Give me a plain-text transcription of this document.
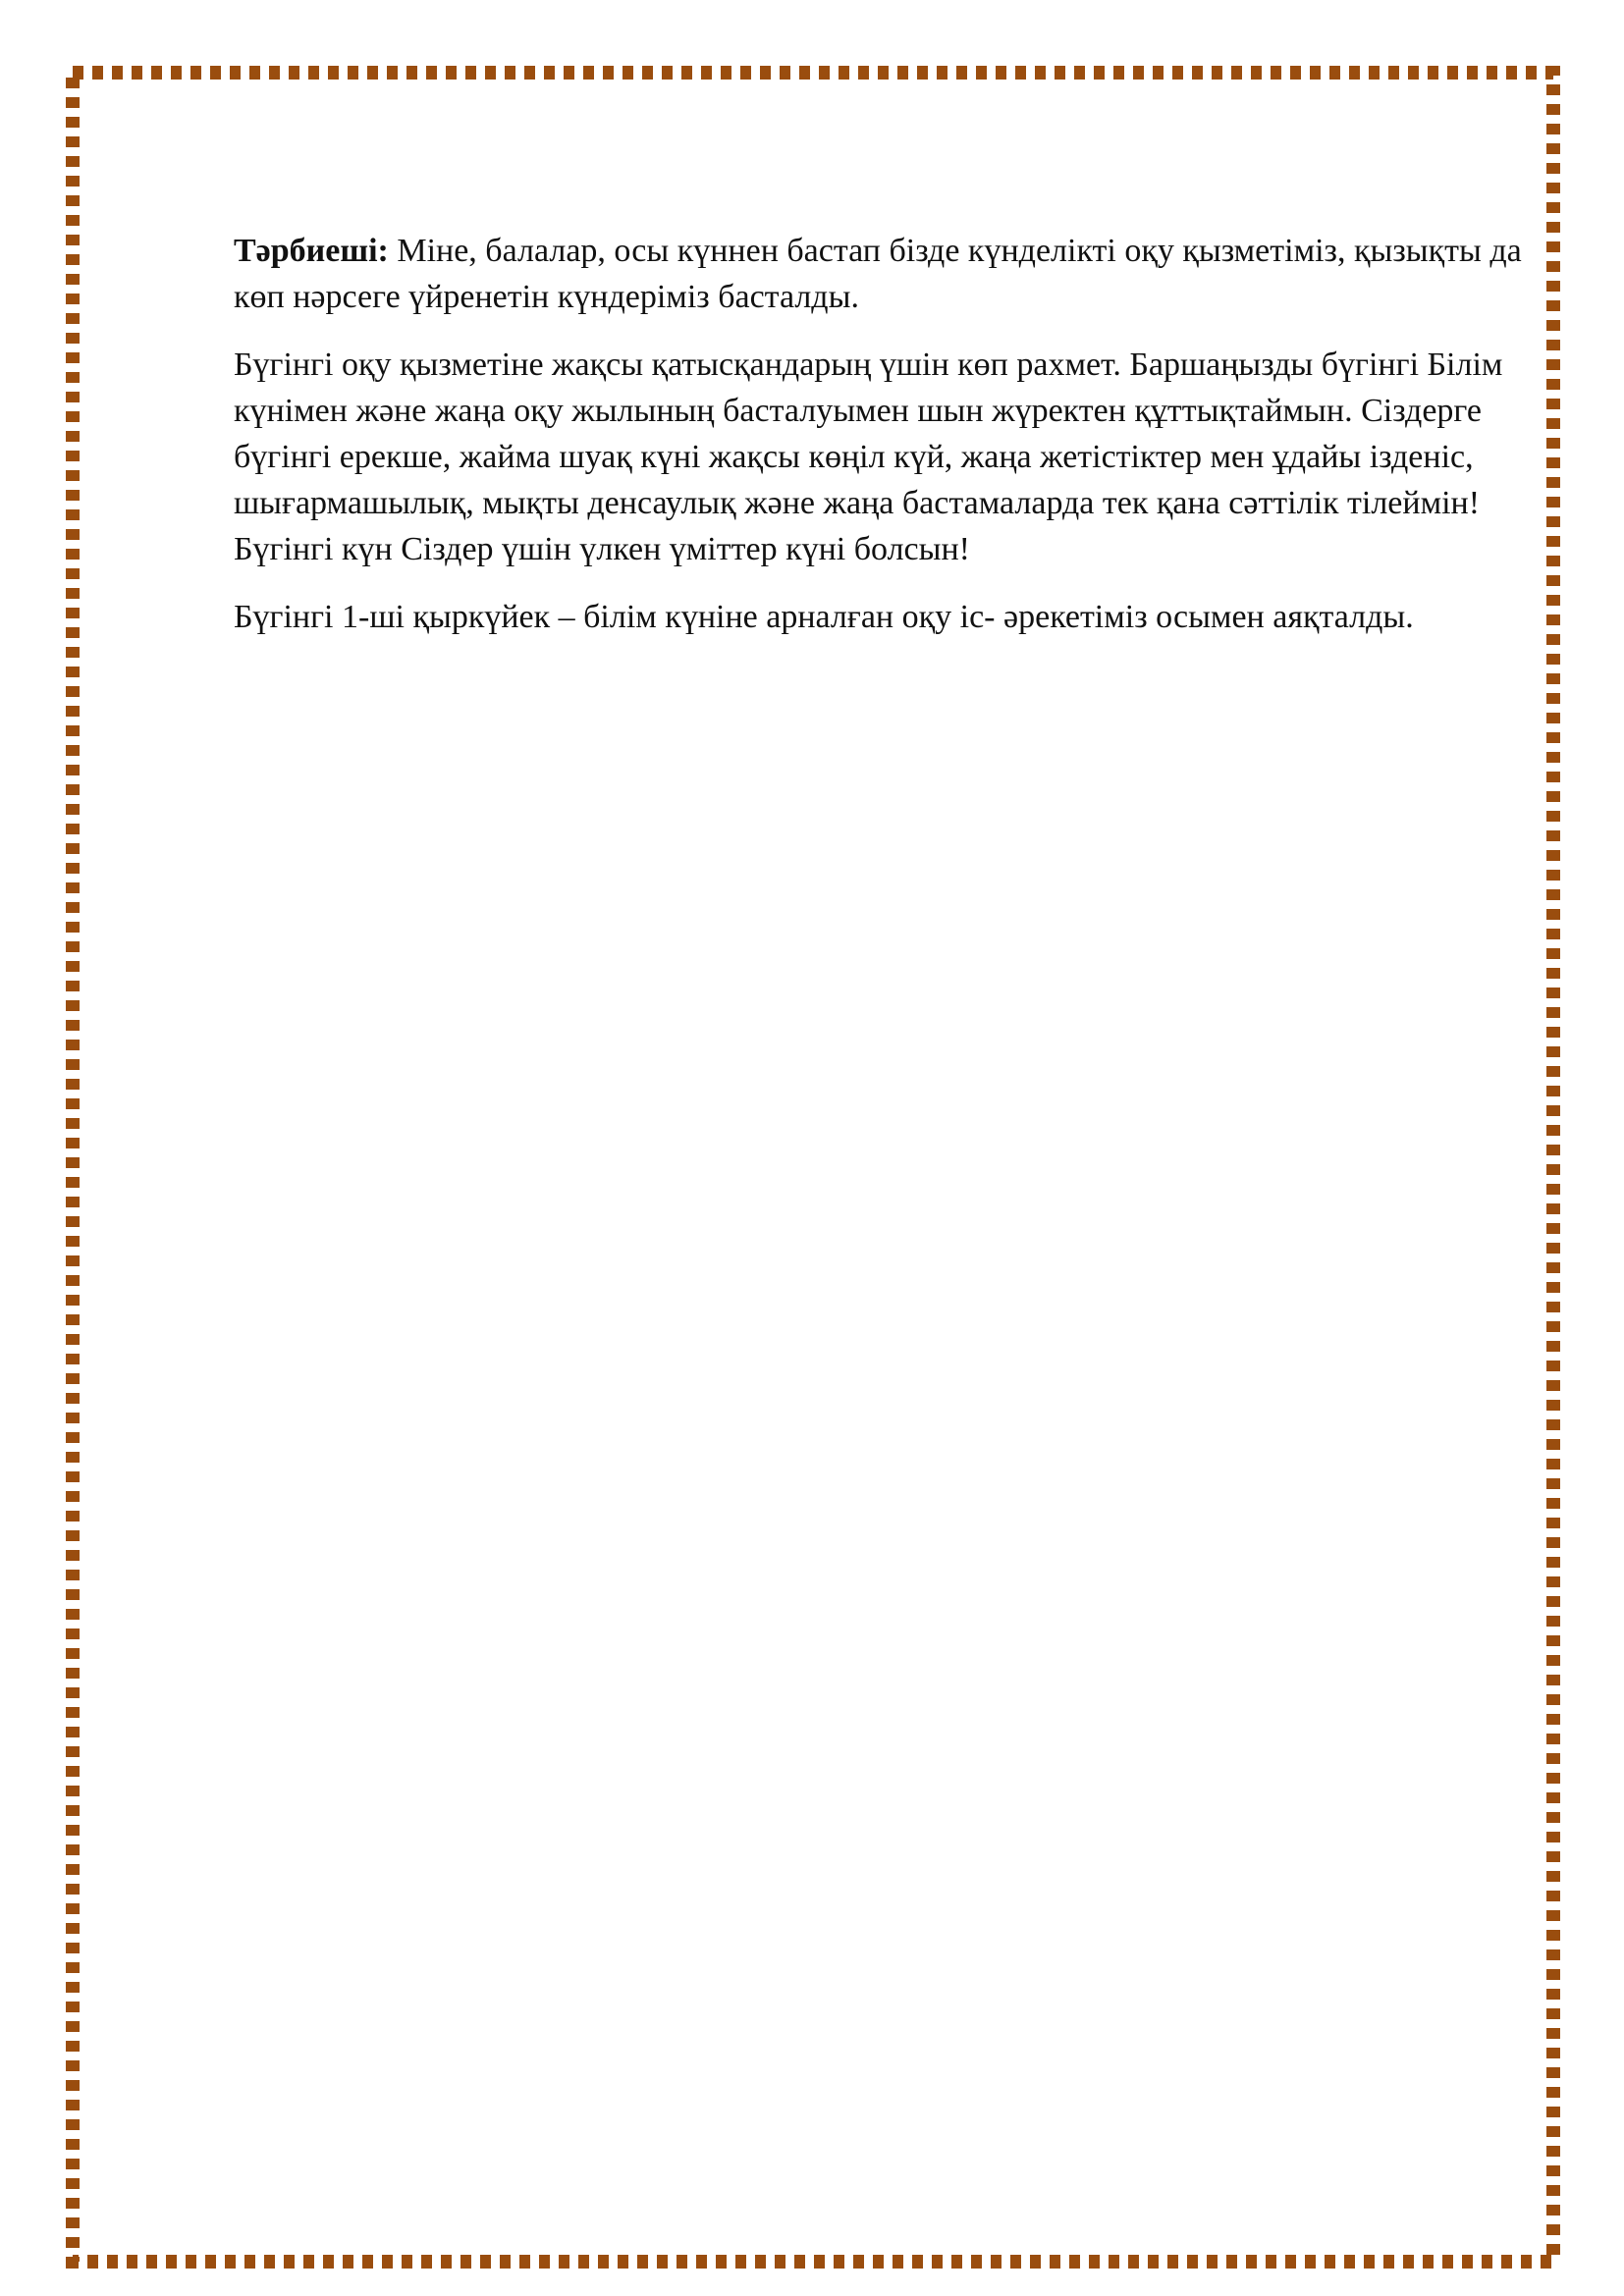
Тәрбиеші: Міне, балалар, осы күннен бастап бізде күнделікті оқу қызметіміз, қызықты да көп нәрсеге үйренетін күндеріміз басталды.

Бүгінгі оқу қызметіне жақсы қатысқандарың үшін көп рахмет. Баршаңызды бүгінгі Білім күнімен және жаңа оқу жылының басталуымен шын жүректен құттықтаймын. Сіздерге бүгінгі ерекше, жайма шуақ күні жақсы көңіл күй, жаңа жетістіктер мен ұдайы ізденіс, шығармашылық, мықты денсаулық және жаңа бастамаларда тек қана сәттілік тілеймін! Бүгінгі күн Сіздер үшін үлкен үміттер күні болсын!

Бүгінгі 1-ші қыркүйек – білім күніне арналған оқу іс- әрекетіміз осымен аяқталды.
